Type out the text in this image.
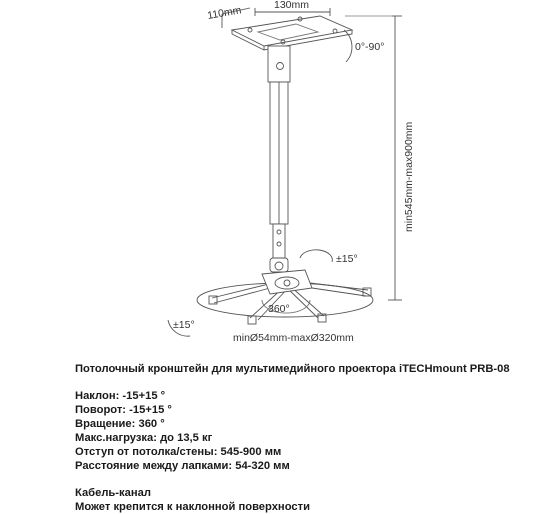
110mm	130mm
0°-90°
min545mm-max900mm
±15°
360°
±15°
minØ54mm-maxØ320mm
Потолочный кронштейн для мультимедийного проектора iTECHmount PRB-08
Наклон: -15+15 °
Поворот: -15+15 °
Вращение: 360 °
Макс.нагрузка: до 13,5 кг
Отступ от потолка/стены: 545-900 мм
Расстояние между лапками: 54-320 мм
Кабель-канал
Может крепится к наклонной поверхности
